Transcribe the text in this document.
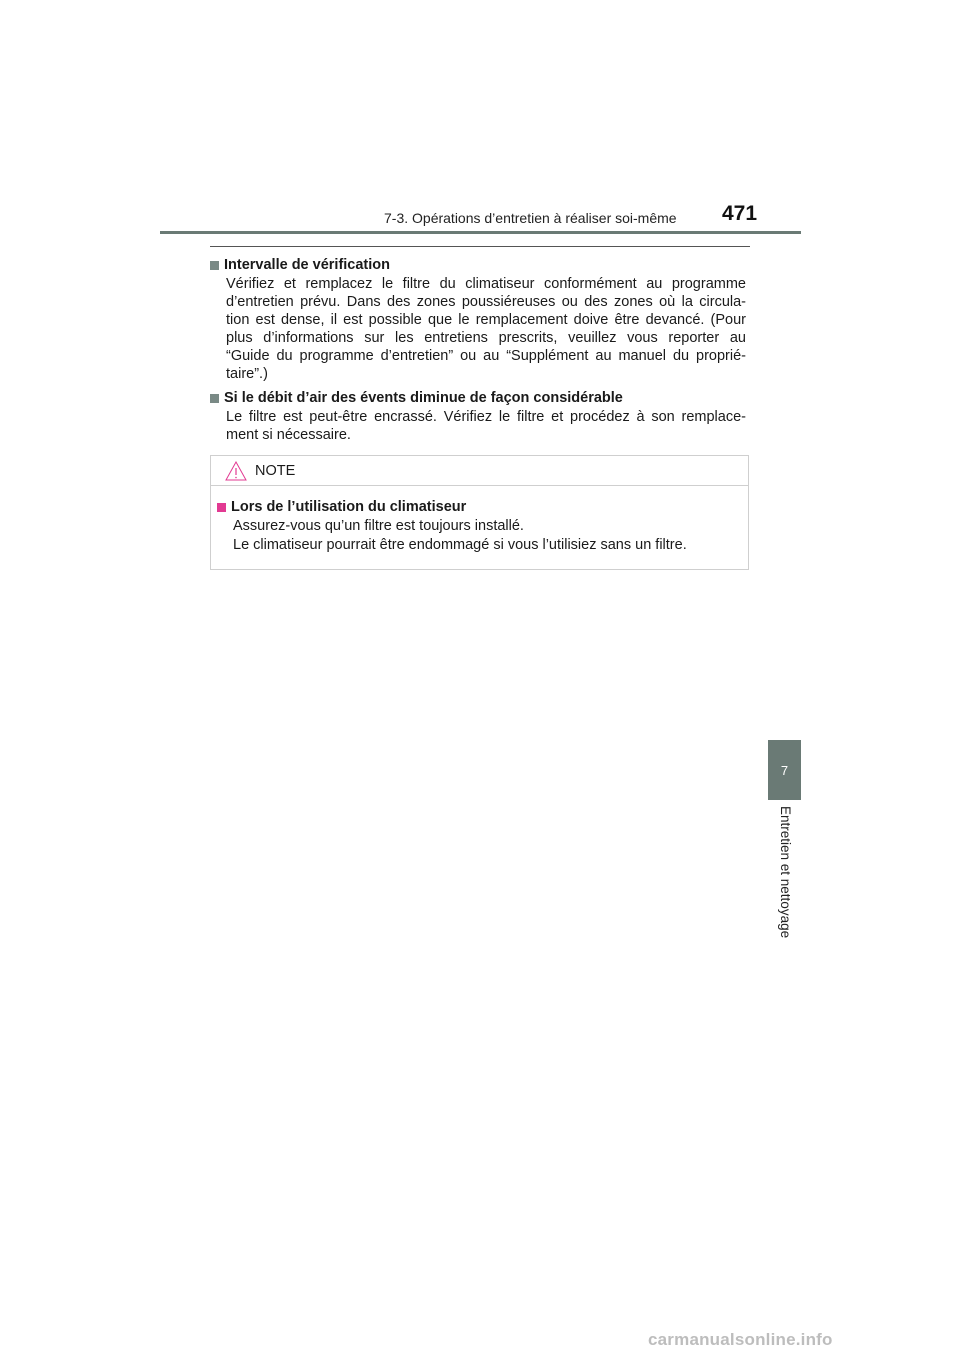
7-3. Opérations d’entretien à réaliser soi-même 471
Intervalle de vérification
Vérifiez et remplacez le filtre du climatiseur conformément au programme
d’entretien prévu. Dans des zones poussiéreuses ou des zones où la circula-
tion est dense, il est possible que le remplacement doive être devancé. (Pour
plus d’informations sur les entretiens prescrits, veuillez vous reporter au
“Guide du programme d’entretien” ou au “Supplément au manuel du proprié-
taire”.)
Si le débit d’air des évents diminue de façon considérable
Le filtre est peut-être encrassé. Vérifiez le filtre et procédez à son remplace-
ment si nécessaire.
NOTE
Lors de l’utilisation du climatiseur
Assurez-vous qu’un filtre est toujours installé.
Le climatiseur pourrait être endommagé si vous l’utilisiez sans un filtre.
7
Entretien et nettoyage
carmanualsonline.info
